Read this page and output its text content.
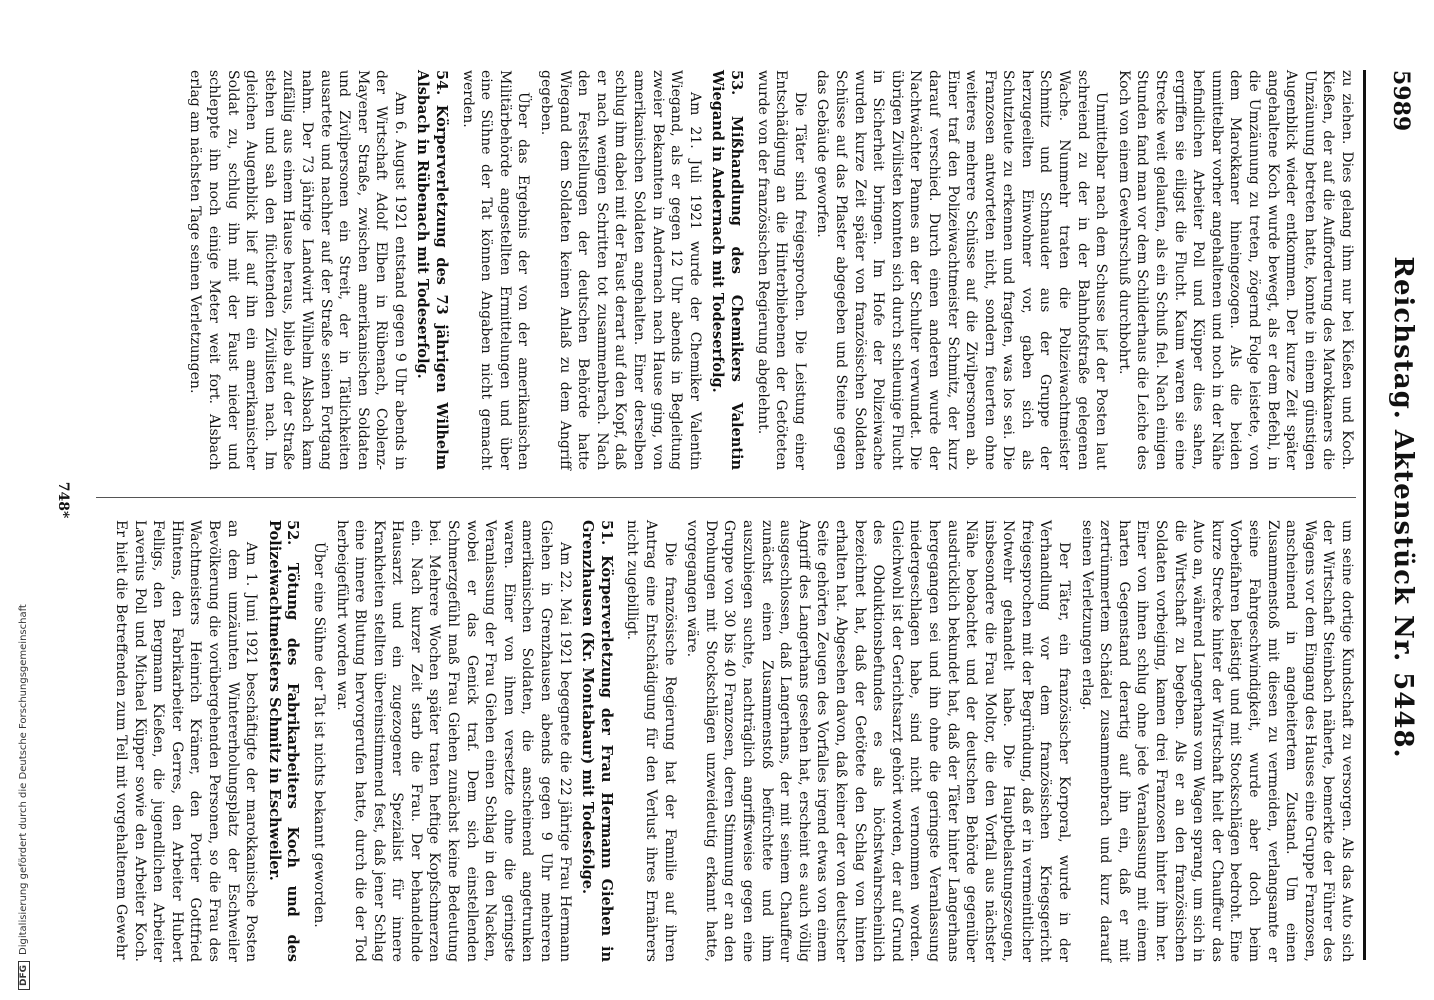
DFGDigitalisierung gefördert durch die Deutsche Forschungsgemeinschaft
5989
Reichstag. Aktenstück Nr. 5448.

zu ziehen. Dies gelang ihm nur bei Kießen und Koch. Kießen, der auf die Aufforderung des Marokkaners die Umzäunung betreten hatte, konnte in einem günstigen Augenblick wieder entkommen. Der kurze Zeit später angehaltene Koch wurde bewegt, als er dem Befehl, in die Umzäunung zu treten, zögernd Folge leistete, von dem Marokkaner hineingezogen. Als die beiden unmittelbar vorher angehaltenen und noch in der Nähe befindlichen Arbeiter Poll und Küpper dies sahen, ergriffen sie eiligst die Flucht. Kaum waren sie eine Strecke weit gelaufen, als ein Schuß fiel. Nach einigen Stunden fand man vor dem Schilderhaus die Leiche des Koch von einem Gewehrschuß durchbohrt.

Unmittelbar nach dem Schusse lief der Posten laut schreiend zu der in der Bahnhofstraße gelegenen Wache. Nunmehr traten die Polizeiwachtmeister Schmitz und Schnauder aus der Gruppe der herzugeeilten Einwohner vor, gaben sich als Schutzleute zu erkennen und fragten, was los sei. Die Franzosen antworteten nicht, sondern feuerten ohne weiteres mehrere Schüsse auf die Zivilpersonen ab. Einer traf den Polizeiwachtmeister Schmitz, der kurz darauf verschied. Durch einen anderen wurde der Nachtwächter Pannes an der Schulter verwundet. Die übrigen Zivilisten konnten sich durch schleunige Flucht in Sicherheit bringen. Im Hofe der Polizeiwache wurden kurze Zeit später von französischen Soldaten Schüsse auf das Pflaster abgegeben und Steine gegen das Gebäude geworfen.

Die Täter sind freigesprochen. Die Leistung einer Entschädigung an die Hinterbliebenen der Getöteten wurde von der französischen Regierung abgelehnt.

53. Mißhandlung des Chemikers Valentin Wiegand in Andernach mit Todeserfolg.

Am 21. Juli 1921 wurde der Chemiker Valentin Wiegand, als er gegen 12 Uhr abends in Begleitung zweier Bekannten in Andernach nach Hause ging, von amerikanischen Soldaten angehalten. Einer derselben schlug ihm dabei mit der Faust derart auf den Kopf, daß er nach wenigen Schritten tot zusammenbrach. Nach den Feststellungen der deutschen Behörde hatte Wiegand dem Soldaten keinen Anlaß zu dem Angriff gegeben.

Über das Ergebnis der von der amerikanischen Militärbehörde angestellten Ermittelungen und über eine Sühne der Tat können Angaben nicht gemacht werden.

54. Körperverletzung des 73 jährigen Wilhelm Alsbach in Rübenach mit Todeserfolg.

Am 6. August 1921 entstand gegen 9 Uhr abends in der Wirtschaft Adolf Elben in Rübenach, Coblenz-Mayener Straße, zwischen amerikanischen Soldaten und Zivilpersonen ein Streit, der in Tätlichkeiten ausartete und nachher auf der Straße seinen Fortgang nahm. Der 73 jährige Landwirt Wilhelm Alsbach kam zufällig aus einem Hause heraus, blieb auf der Straße stehen und sah den flüchtenden Zivilisten nach. Im gleichen Augenblick lief auf ihn ein amerikanischer Soldat zu, schlug ihn mit der Faust nieder und schleppte ihn noch einige Meter weit fort. Alsbach erlag am nächsten Tage seinen Verletzungen.

um seine dortige Kundschaft zu versorgen. Als das Auto sich der Wirtschaft Steinbach näherte, bemerkte der Führer des Wagens vor dem Eingang des Hauses eine Gruppe Franzosen, anscheinend in angeheitertem Zustand. Um einen Zusammenstoß mit diesen zu vermeiden, verlangsamte er seine Fahrgeschwindigkeit, wurde aber doch beim Vorbeifahren belästigt und mit Stockschlägen bedroht. Eine kurze Strecke hinter der Wirtschaft hielt der Chauffeur das Auto an, während Langerhans vom Wagen sprang, um sich in die Wirtschaft zu begeben. Als er an den französischen Soldaten vorbeiging, kamen drei Franzosen hinter ihm her. Einer von ihnen schlug ohne jede Veranlassung mit einem harten Gegenstand derartig auf ihn ein, daß er mit zertrümmertem Schädel zusammenbrach und kurz darauf seinen Verletzungen erlag.

Der Täter, ein französischer Korporal, wurde in der Verhandlung vor dem französischen Kriegsgericht freigesprochen mit der Begründung, daß er in vermeintlicher Notwehr gehandelt habe. Die Hauptbelastungszeugen, insbesondere die Frau Moltor, die den Vorfall aus nächster Nähe beobachtet und der deutschen Behörde gegenüber ausdrücklich bekundet hat, daß der Täter hinter Langerhans hergegangen sei und ihn ohne die geringste Veranlassung niedergeschlagen habe, sind nicht vernommen worden. Gleichwohl ist der Gerichtsarzt gehört worden, der auf Grund des Obduktionsbefundes es als höchstwahrscheinlich bezeichnet hat, daß der Getötete den Schlag von hinten erhalten hat. Abgesehen davon, daß keiner der von deutscher Seite gehörten Zeugen des Vorfalles irgend etwas von einem Angriff des Langerhans gesehen hat, erscheint es auch völlig ausgeschlossen, daß Langerhans, der mit seinem Chauffeur zunächst einen Zusammenstoß befürchtete und ihm auszubiegen suchte, nachträglich angriffsweise gegen eine Gruppe von 30 bis 40 Franzosen, deren Stimmung er an den Drohungen mit Stockschlägen unzweideutig erkannt hatte, vorgegangen wäre.

Die französische Regierung hat der Familie auf ihren Antrag eine Entschädigung für den Verlust ihres Ernährers nicht zugebilligt.

51. Körperverletzung der Frau Hermann Giehen in Grenzhausen (Kr. Montabaur) mit Todesfolge.

Am 22. Mai 1921 begegnete die 22 jährige Frau Hermann Giehen in Grenzhausen abends gegen 9 Uhr mehreren amerikanischen Soldaten, die anscheinend angetrunken waren. Einer von ihnen versetzte ohne die geringste Veranlassung der Frau Giehen einen Schlag in den Nacken, wobei er das Genick traf. Dem sich einstellenden Schmerzgefühl maß Frau Giehen zunächst keine Bedeutung bei. Mehrere Wochen später traten heftige Kopfschmerzen ein. Nach kurzer Zeit starb die Frau. Der behandelnde Hausarzt und ein zugezogener Spezialist für innere Krankheiten stellten übereinstimmend fest, daß jener Schlag eine innere Blutung hervorgerufen hatte, durch die der Tod herbeigeführt worden war.

Über eine Sühne der Tat ist nichts bekannt geworden.

52. Tötung des Fabrikarbeiters Koch und des Polizeiwachtmeisters Schmitz in Eschweiler.

Am 1. Juni 1921 beschäftigte der marokkanische Posten an dem umzäunten Wintererholungsplatz der Eschweiler Bevölkerung die vorübergehenden Personen, so die Frau des Wachtmeisters Heinrich Krämer, den Portier Gottfried Hintens, den Fabrikarbeiter Gerres, den Arbeiter Hubert Felligs, den Bergmann Kießen, die jugendlichen Arbeiter Laverius Poll und Michael Küpper sowie den Arbeiter Koch. Er hielt die Betreffenden zum Teil mit vorgehaltenem Gewehr

748*
